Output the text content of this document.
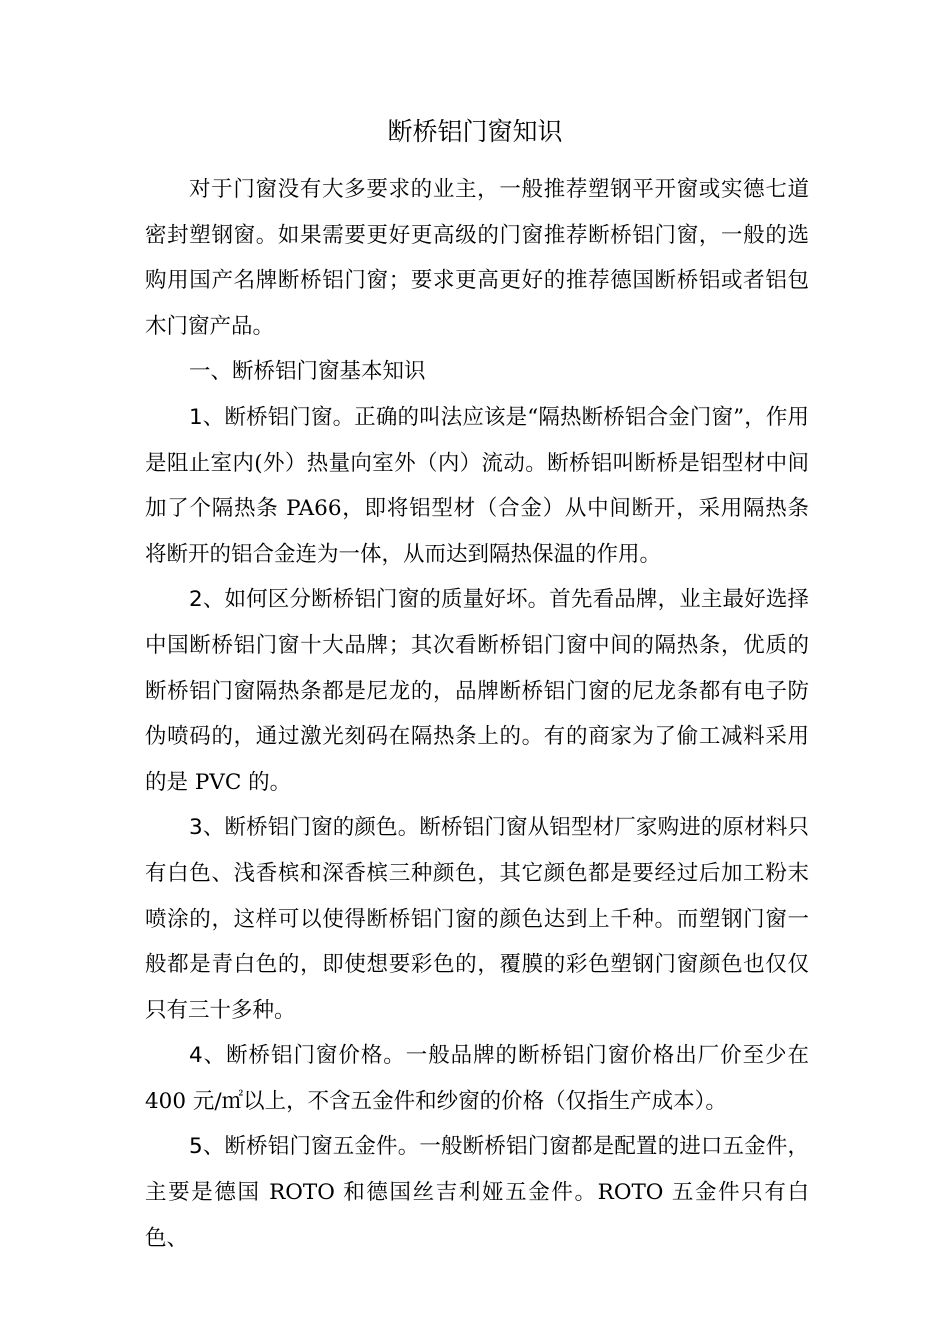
断桥铝门窗知识

对于门窗没有大多要求的业主，一般推荐塑钢平开窗或实德七道密封塑钢窗。如果需要更好更高级的门窗推荐断桥铝门窗，一般的选购用国产名牌断桥铝门窗；要求更高更好的推荐德国断桥铝或者铝包木门窗产品。

一、断桥铝门窗基本知识

1、断桥铝门窗。正确的叫法应该是“隔热断桥铝合金门窗”，作用是阻止室内(外）热量向室外（内）流动。断桥铝叫断桥是铝型材中间加了个隔热条 PA66，即将铝型材（合金）从中间断开，采用隔热条将断开的铝合金连为一体，从而达到隔热保温的作用。

2、如何区分断桥铝门窗的质量好坏。首先看品牌，业主最好选择中国断桥铝门窗十大品牌；其次看断桥铝门窗中间的隔热条，优质的断桥铝门窗隔热条都是尼龙的，品牌断桥铝门窗的尼龙条都有电子防伪喷码的，通过激光刻码在隔热条上的。有的商家为了偷工减料采用的是 PVC 的。

3、断桥铝门窗的颜色。断桥铝门窗从铝型材厂家购进的原材料只有白色、浅香槟和深香槟三种颜色，其它颜色都是要经过后加工粉末喷涂的，这样可以使得断桥铝门窗的颜色达到上千种。而塑钢门窗一般都是青白色的，即使想要彩色的，覆膜的彩色塑钢门窗颜色也仅仅只有三十多种。

4、断桥铝门窗价格。一般品牌的断桥铝门窗价格出厂价至少在 400 元/㎡以上，不含五金件和纱窗的价格（仅指生产成本）。

5、断桥铝门窗五金件。一般断桥铝门窗都是配置的进口五金件，主要是德国 ROTO 和德国丝吉利娅五金件。ROTO 五金件只有白色、
